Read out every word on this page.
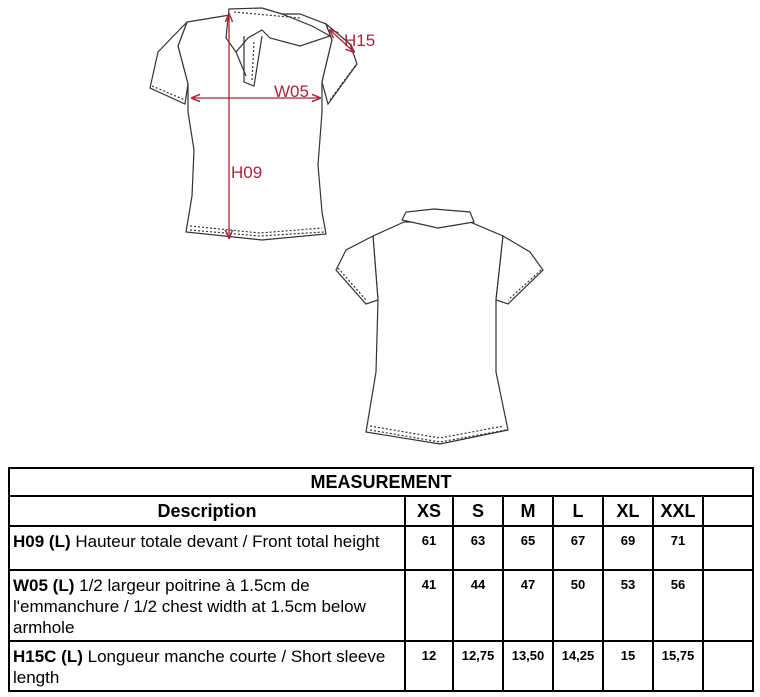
H15
W05
H09
MEASUREMENT							
Description	XS	S	M	L	XL	XXL	
H09 (L) Hauteur totale devant / Front total height	61	63	65	67	69	71	
W05 (L) 1/2 largeur poitrine à 1.5cm de l'emmanchure / 1/2 chest width at 1.5cm below armhole	41	44	47	50	53	56	
H15C (L) Longueur manche courte / Short sleeve length	12	12,75	13,50	14,25	15	15,75	
